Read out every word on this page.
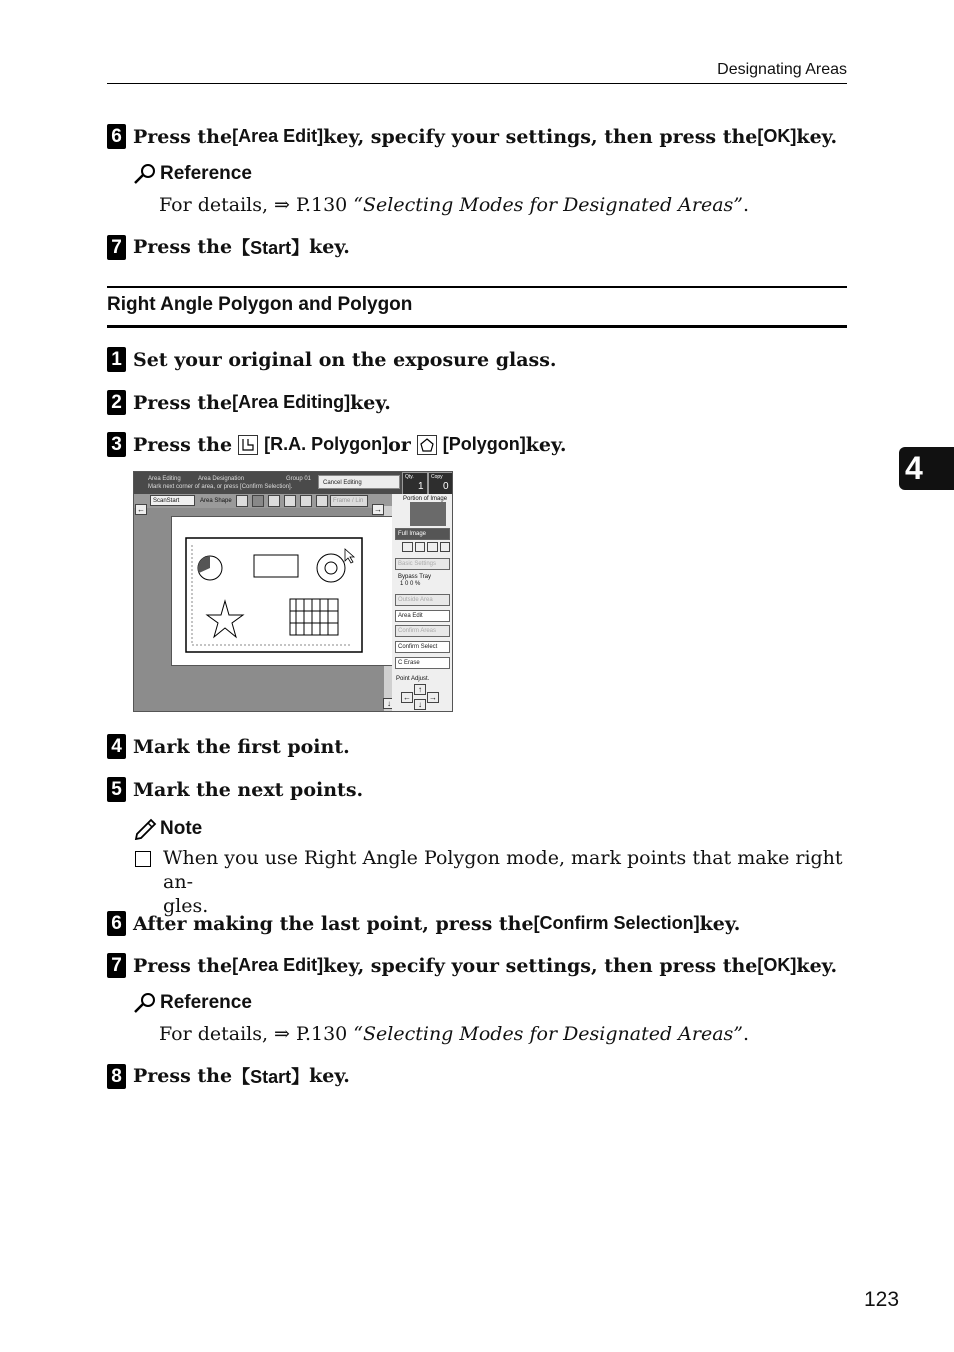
Designating Areas
6 Press the [Area Edit] key, specify your settings, then press the [OK] key.
Reference
For details, ⇒ P.130 “Selecting Modes for Designated Areas”.
7 Press the 【Start】 key.
Right Angle Polygon and Polygon
1 Set your original on the exposure glass.
2 Press the [Area Editing] key.
3 Press the [R.A. Polygon] or [Polygon] key.
Area Editing	Area Designation	Group 01
Mark next corner of area, or press [Confirm Selection].
Cancel Editing
Qty.
1
Copy
0
ScanStart	Area Shape	Frame / Lin
←	→
↓
Portion of Image
Full Image
Basic Settings
Bypass Tray
1 0 0 %
Outside Area
Area Edit
Confirm Areas
Confirm Select
C Erase
Point Adjust.
↑
← →
↓
4 Mark the first point.
5 Mark the next points.
Note
When you use Right Angle Polygon mode, mark points that make right an-
gles.
6 After making the last point, press the [Confirm Selection] key.
7 Press the [Area Edit] key, specify your settings, then press the [OK] key.
Reference
For details, ⇒ P.130 “Selecting Modes for Designated Areas”.
8 Press the 【Start】 key.
4
123
